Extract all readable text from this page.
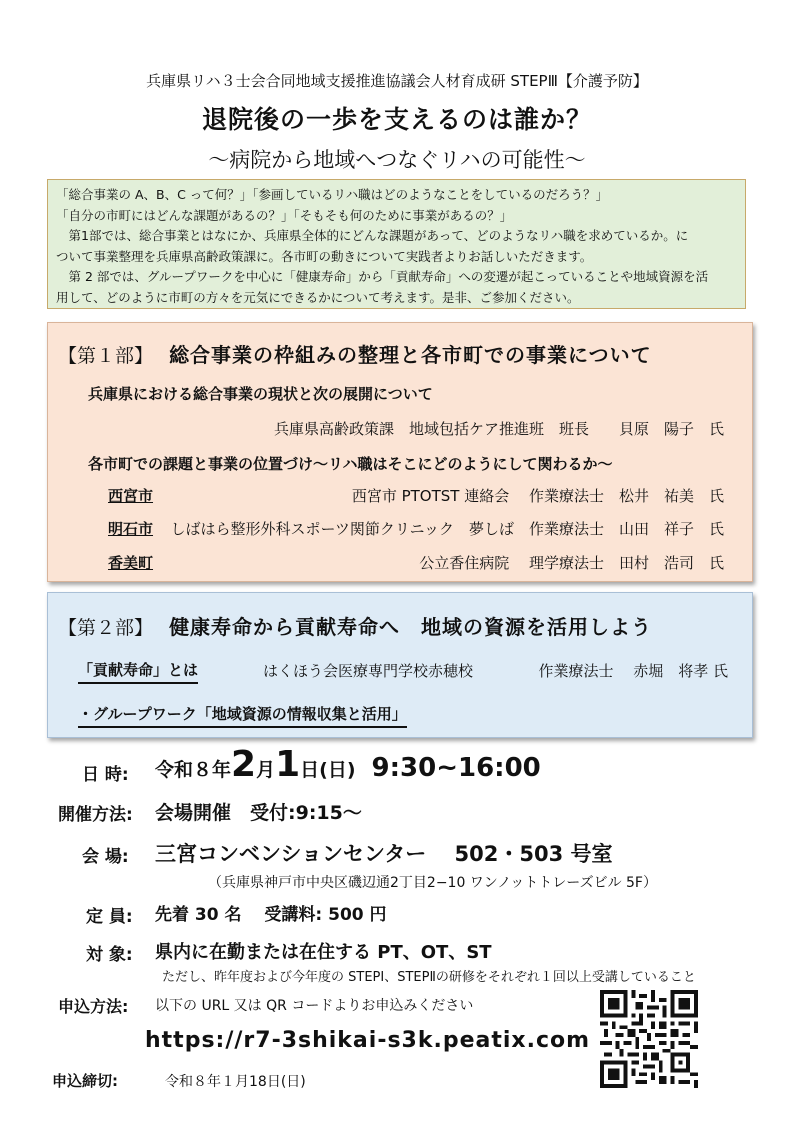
兵庫県リハ３士会合同地域支援推進協議会人材育成研 STEPⅢ【介護予防】
退院後の一歩を支えるのは誰か？
～病院から地域へつなぐリハの可能性～

「総合事業の A、B、C って何？」「参画しているリハ職はどのようなことをしているのだろう？」

「自分の市町にはどんな課題があるの？」「そもそも何のために事業があるの？」

　第1部では、総合事業とはなにか、兵庫県全体的にどんな課題があって、どのようなリハ職を求めているか。に

ついて事業整理を兵庫県高齢政策課に。各市町の動きについて実践者よりお話しいただきます。

　第 2 部では、グループワークを中心に「健康寿命」から「貢献寿命」への変遷が起こっていることや地域資源を活

用して、どのように市町の方々を元気にできるかについて考えます。是非、ご参加ください。

【第１部】 総合事業の枠組みの整理と各市町での事業について
兵庫県における総合事業の現状と次の展開について
兵庫県高齢政策課　地域包括ケア推進班　班長　　貝原　陽子　氏
各市町での課題と事業の位置づけ～リハ職はそこにどのようにして関わるか～
西宮市	西宮市 PTOTST 連絡会　 作業療法士　松井　祐美　氏
明石市 しばはら整形外科スポーツ関節クリニック　夢しば　作業療法士　山田　祥子　氏
香美町	公立香住病院　 理学療法士　田村　浩司　氏
【第２部】 健康寿命から貢献寿命へ　地域の資源を活用しよう
「貢献寿命」とは	はくほう会医療専門学校赤穂校	作業療法士　 赤堀　将孝 氏
・グループワーク「地域資源の情報収集と活用」
日 時: 令和８年2月1日(日) 9:30~16:00
開催方法: 会場開催　受付:9:15～
会 場: 三宮コンベンションセンター　 502・503 号室
（兵庫県神戸市中央区磯辺通2丁目2−10 ワンノットトレーズビル 5F）
定 員: 先着 30 名　 受講料: 500 円
対 象: 県内に在勤または在住する PT、OT、ST
ただし、昨年度および今年度の STEPⅠ、STEPⅡの研修をそれぞれ１回以上受講していること
申込方法: 以下の URL 又は QR コードよりお申込みください
https://r7-3shikai-s3k.peatix.com
申込締切:	令和８年１月18日(日)
